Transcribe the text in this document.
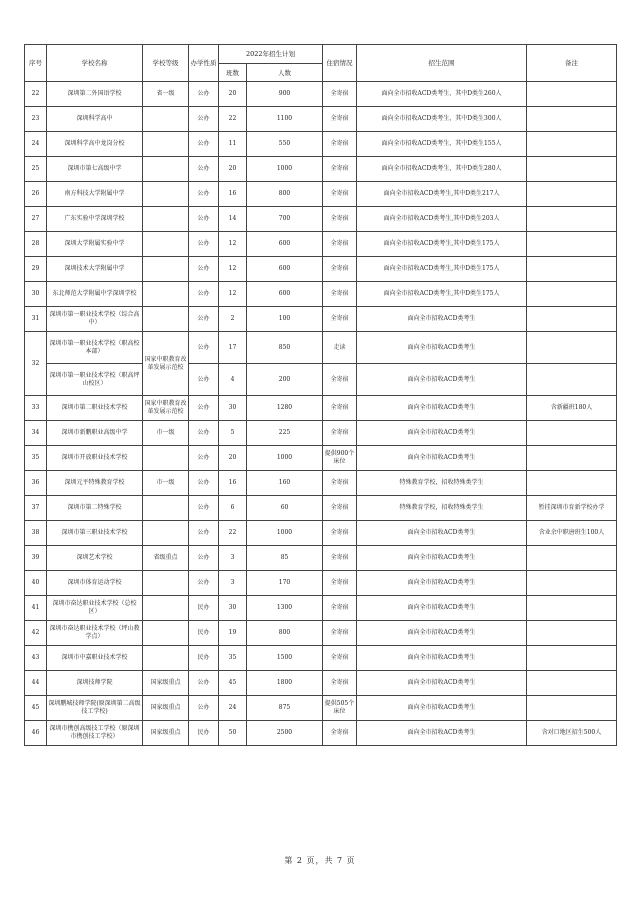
序号	学校名称	学校等级	办学性质	2022年招生计划		住宿情况	招生范围	备注
				班数	人数			
22	深圳第二外国语学校	省一级	公办	20	900	全寄宿	面向全市招收ACD类考生，其中D类生260人	
23	深圳科学高中		公办	22	1100	全寄宿	面向全市招收ACD类考生，其中D类生300人	
24	深圳科学高中龙岗分校		公办	11	550	全寄宿	面向全市招收ACD类考生，其中D类生155人	
25	深圳市第七高级中学		公办	20	1000	全寄宿	面向全市招收ACD类考生，其中D类生280人	
26	南方科技大学附属中学		公办	16	800	全寄宿	面向全市招收ACD类考生,其中D类生217人	
27	广东实验中学深圳学校		公办	14	700	全寄宿	面向全市招收ACD类考生,其中D类生203人	
28	深圳大学附属实验中学		公办	12	600	全寄宿	面向全市招收ACD类考生,其中D类生175人	
29	深圳技术大学附属中学		公办	12	600	全寄宿	面向全市招收ACD类考生,其中D类生175人	
30	东北师范大学附属中学深圳学校		公办	12	600	全寄宿	面向全市招收ACD类考生,其中D类生175人	
31	深圳市第一职业技术学校（综合高中）		公办	2	100	全寄宿	面向全市招收ACD类考生	
32	深圳市第一职业技术学校（职高校本部）	国家中职教育改革发展示范校	公办	17	850	走读	面向全市招收ACD类考生	
	深圳市第一职业技术学校（职高坪山校区）		公办	4	200	全寄宿	面向全市招收ACD类考生	
33	深圳市第二职业技术学校	国家中职教育改革发展示范校	公办	30	1280	全寄宿	面向全市招收ACD类考生	含新疆班180人
34	深圳市新鹏职业高级中学	市一级	公办	5	225	全寄宿	面向全市招收ACD类考生	
35	深圳市开放职业技术学校		公办	20	1000	提供900个床位	面向全市招收ACD类考生	
36	深圳元平特殊教育学校	市一级	公办	16	160	全寄宿	特殊教育学校，招收特殊类学生	
37	深圳市第二特殊学校		公办	6	60	全寄宿	特殊教育学校，招收特殊类学生	暂挂深圳市育新学校办学
38	深圳市第三职业技术学校		公办	22	1000	全寄宿	面向全市招收ACD类考生	含业余中职唐班生100人
39	深圳艺术学校	省级重点	公办	3	85	全寄宿	面向全市招收ACD类考生	
40	深圳市体育运动学校		公办	3	170	全寄宿	面向全市招收ACD类考生	
41	深圳市奋达职业技术学校（总校区）		民办	30	1300	全寄宿	面向全市招收ACD类考生	
42	深圳市奋达职业技术学校（坪山教学点）		民办	19	800	全寄宿	面向全市招收ACD类考生	
43	深圳市中嘉职业技术学校		民办	35	1500	全寄宿	面向全市招收ACD类考生	
44	深圳技师学院	国家级重点	公办	45	1800	全寄宿	面向全市招收ACD类考生	
45	深圳鹏城技师学院(原深圳第二高级技工学校)	国家级重点	公办	24	875	提供505个床位	面向全市招收ACD类考生	
46	深圳市携创高级技工学校（原深圳市携创技工学校）	国家级重点	民办	50	2500	全寄宿	面向全市招收ACD类考生	含对口地区招生500人
第 2 页，共 7 页
